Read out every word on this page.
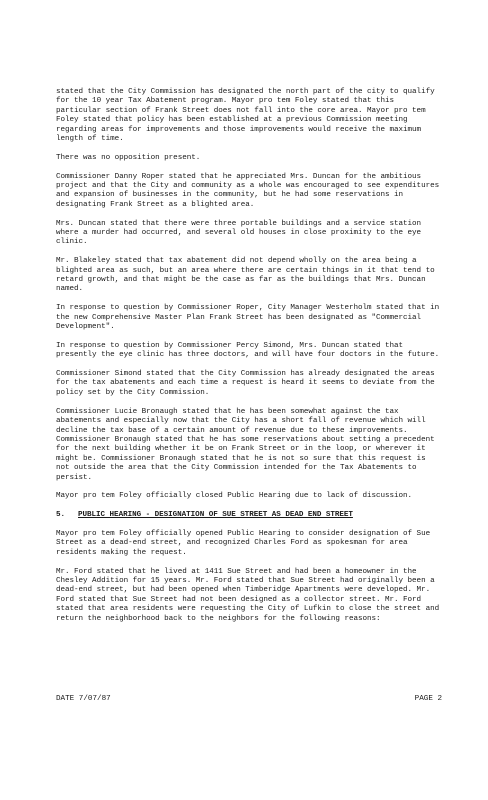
stated that the City Commission has designated the north part of the city to qualify for the 10 year Tax Abatement program. Mayor pro tem Foley stated that this particular section of Frank Street does not fall into the core area. Mayor pro tem Foley stated that policy has been established at a previous Commission meeting regarding areas for improvements and those improvements would receive the maximum length of time.

There was no opposition present.

Commissioner Danny Roper stated that he appreciated Mrs. Duncan for the ambitious project and that the City and community as a whole was encouraged to see expenditures and expansion of businesses in the community, but he had some reservations in designating Frank Street as a blighted area.

Mrs. Duncan stated that there were three portable buildings and a service station where a murder had occurred, and several old houses in close proximity to the eye clinic.

Mr. Blakeley stated that tax abatement did not depend wholly on the area being a blighted area as such, but an area where there are certain things in it that tend to retard growth, and that might be the case as far as the buildings that Mrs. Duncan named.

In response to question by Commissioner Roper, City Manager Westerholm stated that in the new Comprehensive Master Plan Frank Street has been designated as "Commercial Development".

In response to question by Commissioner Percy Simond, Mrs. Duncan stated that presently the eye clinic has three doctors, and will have four doctors in the future.

Commissioner Simond stated that the City Commission has already designated the areas for the tax abatements and each time a request is heard it seems to deviate from the policy set by the City Commission.

Commissioner Lucie Bronaugh stated that he has been somewhat against the tax abatements and especially now that the City has a short fall of revenue which will decline the tax base of a certain amount of revenue due to these improvements. Commissioner Bronaugh stated that he has some reservations about setting a precedent for the next building whether it be on Frank Street or in the loop, or wherever it might be. Commissioner Bronaugh stated that he is not so sure that this request is not outside the area that the City Commission intended for the Tax Abatements to persist.

Mayor pro tem Foley officially closed Public Hearing due to lack of discussion.

5. PUBLIC HEARING - DESIGNATION OF SUE STREET AS DEAD END STREET

Mayor pro tem Foley officially opened Public Hearing to consider designation of Sue Street as a dead-end street, and recognized Charles Ford as spokesman for area residents making the request.

Mr. Ford stated that he lived at 1411 Sue Street and had been a homeowner in the Chesley Addition for 15 years. Mr. Ford stated that Sue Street had originally been a dead-end street, but had been opened when Timberidge Apartments were developed. Mr. Ford stated that Sue Street had not been designed as a collector street. Mr. Ford stated that area residents were requesting the City of Lufkin to close the street and return the neighborhood back to the neighbors for the following reasons:

DATE 7/07/87	PAGE 2
